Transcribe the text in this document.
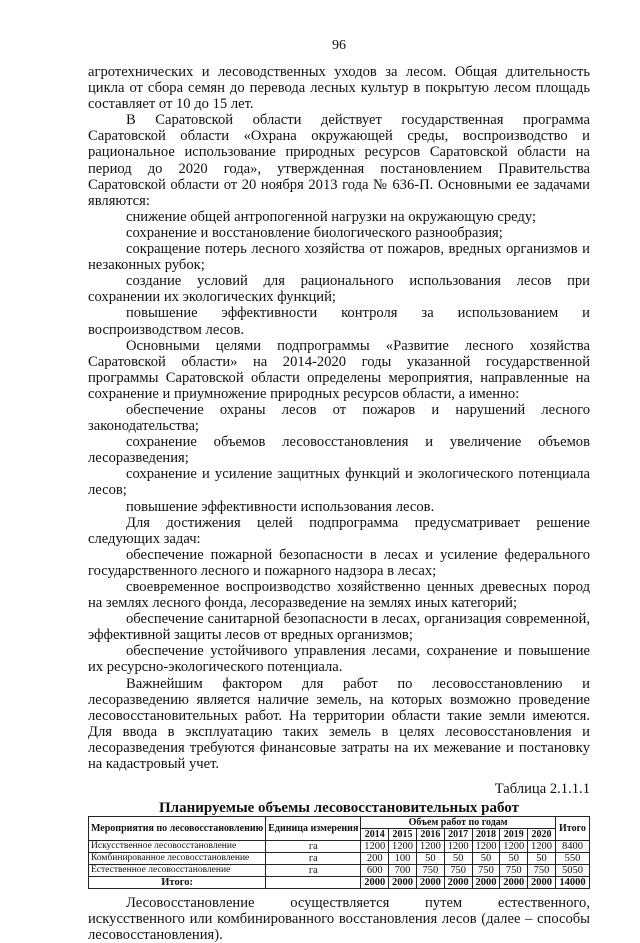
96

агротехнических и лесоводственных уходов за лесом. Общая длительность цикла от сбора семян до перевода лесных культур в покрытую лесом площадь составляет от 10 до 15 лет.

В Саратовской области действует государственная программа Саратовской области «Охрана окружающей среды, воспроизводство и рациональное использование природных ресурсов Саратовской области на период до 2020 года», утвержденная постановлением Правительства Саратовской области от 20 ноября 2013 года № 636-П. Основными ее задачами являются:

снижение общей антропогенной нагрузки на окружающую среду;

сохранение и восстановление биологического разнообразия;

сокращение потерь лесного хозяйства от пожаров, вредных организмов и незаконных рубок;

создание условий для рационального использования лесов при сохранении их экологических функций;

повышение эффективности контроля за использованием и воспроизводством лесов.

Основными целями подпрограммы «Развитие лесного хозяйства Саратовской области» на 2014-2020 годы указанной государственной программы Саратовской области определены мероприятия, направленные на сохранение и приумножение природных ресурсов области, а именно:

обеспечение охраны лесов от пожаров и нарушений лесного законодательства;

сохранение объемов лесовосстановления и увеличение объемов лесоразведения;

сохранение и усиление защитных функций и экологического потенциала лесов;

повышение эффективности использования лесов.

Для достижения целей подпрограмма предусматривает решение следующих задач:

обеспечение пожарной безопасности в лесах и усиление федерального государственного лесного и пожарного надзора в лесах;

своевременное воспроизводство хозяйственно ценных древесных пород на землях лесного фонда, лесоразведение на землях иных категорий;

обеспечение санитарной безопасности в лесах, организация современной, эффективной защиты лесов от вредных организмов;

обеспечение устойчивого управления лесами, сохранение и повышение их ресурсно-экологического потенциала.

Важнейшим фактором для работ по лесовосстановлению и лесоразведению является наличие земель, на которых возможно проведение лесовосстановительных работ. На территории области такие земли имеются. Для ввода в эксплуатацию таких земель в целях лесовосстановления и лесоразведения требуются финансовые затраты на их межевание и постановку на кадастровый учет.

Таблица 2.1.1.1
Планируемые объемы лесовосстановительных работ
Мероприятия по лесовосстановлению	Единица измерения	Объем работ по годам							Итого
		2014	2015	2016	2017	2018	2019	2020	
Искусственное лесовосстановление	га	1200	1200	1200	1200	1200	1200	1200	8400
Комбинированное лесовосстановление	га	200	100	50	50	50	50	50	550
Естественное лесовосстановление	га	600	700	750	750	750	750	750	5050
Итого:		2000	2000	2000	2000	2000	2000	2000	14000

Лесовосстановление осуществляется путем естественного, искусственного или комбинированного восстановления лесов (далее – способы лесовосстановления).
